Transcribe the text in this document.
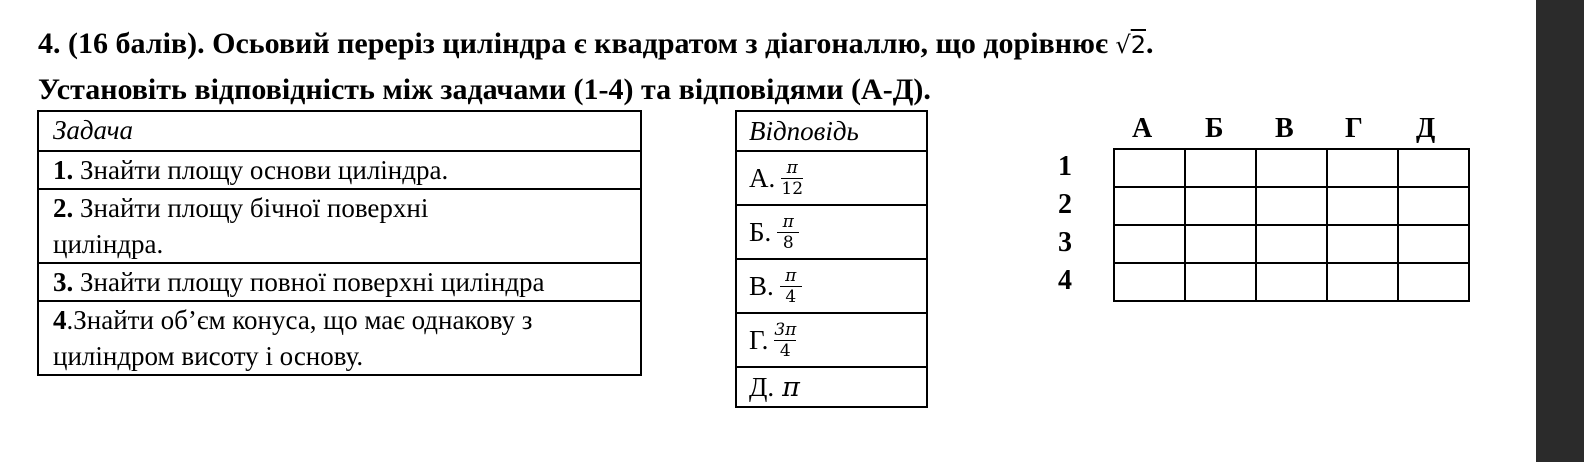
4. (16 балів). Осьовий переріз циліндра є квадратом з діагоналлю, що дорівнює √2.
Установіть відповідність між задачами (1-4) та відповідями (А-Д).
Задача
1. Знайти площу основи циліндра.
2. Знайти площу бічної поверхні циліндра.
3. Знайти площу повної поверхні циліндра
4.Знайти об’єм конуса, що має однакову з циліндром висоту і основу.
Відповідь
А. $\frac{\pi}{12}$
Б. $\frac{\pi}{8}$
В. $\frac{\pi}{4}$
Г. $\frac{3\pi}{4}$
Д. π
А Б В Г Д
1
2
3
4
